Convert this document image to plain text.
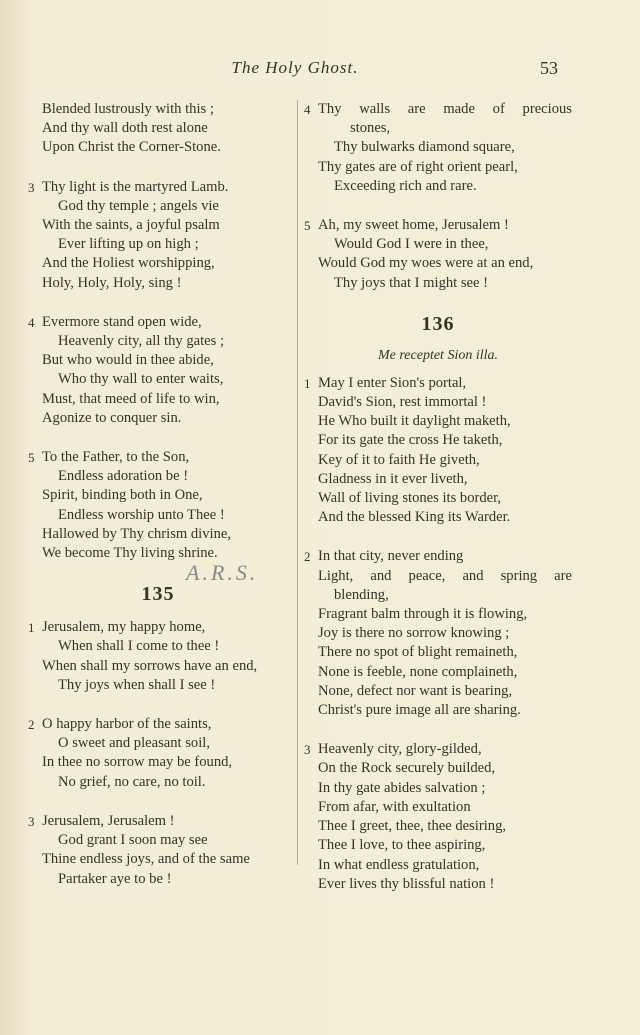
The Holy Ghost.	53
Blended lustrously with this ;
And thy wall doth rest alone
Upon Christ the Corner-Stone.
3 Thy light is the martyred Lamb.
God thy temple ; angels vie
With the saints, a joyful psalm
Ever lifting up on high ;
And the Holiest worshipping,
Holy, Holy, Holy, sing !
4 Evermore stand open wide,
Heavenly city, all thy gates ;
But who would in thee abide,
Who thy wall to enter waits,
Must, that meed of life to win,
Agonize to conquer sin.
5 To the Father, to the Son,
Endless adoration be !
Spirit, binding both in One,
Endless worship unto Thee !
Hallowed by Thy chrism divine,
We become Thy living shrine.
135
1 Jerusalem, my happy home,
When shall I come to thee !
When shall my sorrows have an end,
Thy joys when shall I see !
2 O happy harbor of the saints,
O sweet and pleasant soil,
In thee no sorrow may be found,
No grief, no care, no toil.
3 Jerusalem, Jerusalem !
God grant I soon may see
Thine endless joys, and of the same
Partaker aye to be !
A.R.S.
4 Thy walls are made of precious
stones,
Thy bulwarks diamond square,
Thy gates are of right orient pearl,
Exceeding rich and rare.
5 Ah, my sweet home, Jerusalem !
Would God I were in thee,
Would God my woes were at an end,
Thy joys that I might see !
136
Me receptet Sion illa.
1 May I enter Sion's portal,
David's Sion, rest immortal !
He Who built it daylight maketh,
For its gate the cross He taketh,
Key of it to faith He giveth,
Gladness in it ever liveth,
Wall of living stones its border,
And the blessed King its Warder.
2 In that city, never ending
Light, and peace, and spring are
blending,
Fragrant balm through it is flowing,
Joy is there no sorrow knowing ;
There no spot of blight remaineth,
None is feeble, none complaineth,
None, defect nor want is bearing,
Christ's pure image all are sharing.
3 Heavenly city, glory-gilded,
On the Rock securely builded,
In thy gate abides salvation ;
From afar, with exultation
Thee I greet, thee, thee desiring,
Thee I love, to thee aspiring,
In what endless gratulation,
Ever lives thy blissful nation !
